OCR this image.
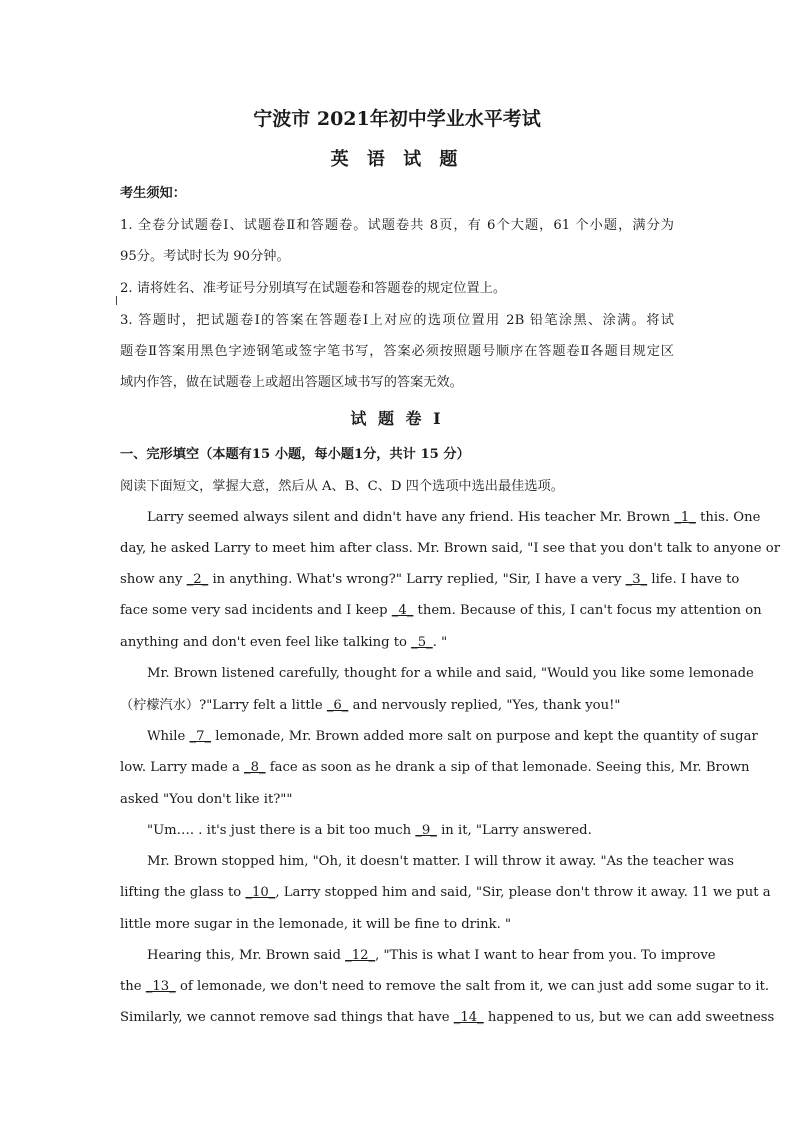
宁波市 2021年初中学业水平考试
英 语 试 题
考生须知：
1. 全卷分试题卷Ⅰ、试题卷Ⅱ和答题卷。试题卷共 8页，有 6个大题，61 个小题，满分为
95分。考试时长为 90分钟。
2. 请将姓名、准考证号分别填写在试题卷和答题卷的规定位置上。
3. 答题时，把试题卷Ⅰ的答案在答题卷Ⅰ上对应的选项位置用 2B 铅笔涂黑、涂满。将试
题卷Ⅱ答案用黑色字迹钢笔或签字笔书写，答案必须按照题号顺序在答题卷Ⅱ各题目规定区
域内作答，做在试题卷上或超出答题区域书写的答案无效。
试 题 卷 I
一、完形填空（本题有15 小题，每小题1分，共计 15 分）
阅读下面短文，掌握大意，然后从 A、B、C、D 四个选项中选出最佳选项。
Larry seemed always silent and didn't have any friend. His teacher Mr. Brown _1_ this. One
day, he asked Larry to meet him after class. Mr. Brown said, "I see that you don't talk to anyone or
show any _2_ in anything. What's wrong?" Larry replied, "Sir, I have a very _3_ life. I have to
face some very sad incidents and I keep _4_ them. Because of this, I can't focus my attention on
anything and don't even feel like talking to _5_. "
Mr. Brown listened carefully, thought for a while and said, "Would you like some lemonade
（柠檬汽水）?"Larry felt a little _6_ and nervously replied, "Yes, thank you!"
While _7_ lemonade, Mr. Brown added more salt on purpose and kept the quantity of sugar
low. Larry made a _8_ face as soon as he drank a sip of that lemonade. Seeing this, Mr. Brown
asked "You don't like it?""
"Um…. . it's just there is a bit too much _9_ in it, "Larry answered.
Mr. Brown stopped him, "Oh, it doesn't matter. I will throw it away. "As the teacher was
lifting the glass to _10_, Larry stopped him and said, "Sir, please don't throw it away. 11 we put a
little more sugar in the lemonade, it will be fine to drink. "
Hearing this, Mr. Brown said _12_, "This is what I want to hear from you. To improve
the _13_ of lemonade, we don't need to remove the salt from it, we can just add some sugar to it.
Similarly, we cannot remove sad things that have _14_ happened to us, but we can add sweetness
